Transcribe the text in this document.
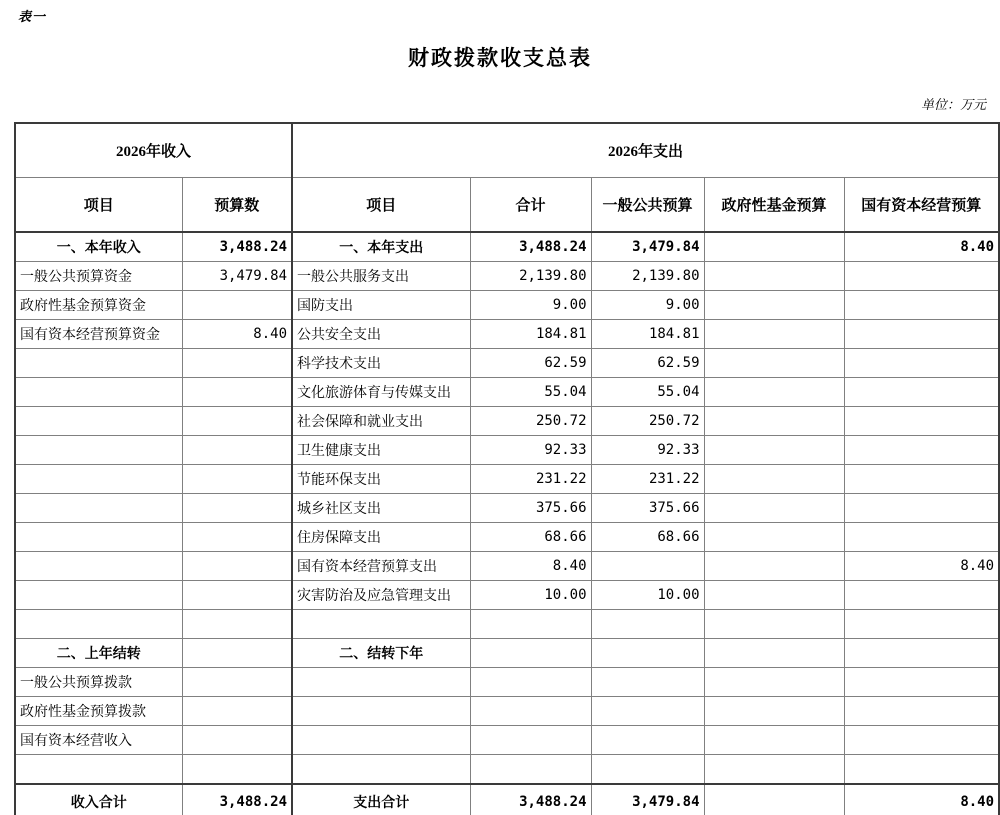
表一
财政拨款收支总表
单位：万元
2026年收入		2026年支出				
项目	预算数	项目	合计	一般公共预算	政府性基金预算	国有资本经营预算
一、本年收入	3,488.24	一、本年支出	3,488.24	3,479.84		8.40
一般公共预算资金	3,479.84	一般公共服务支出	2,139.80	2,139.80		
政府性基金预算资金		国防支出	9.00	9.00		
国有资本经营预算资金	8.40	公共安全支出	184.81	184.81		
		科学技术支出	62.59	62.59		
		文化旅游体育与传媒支出	55.04	55.04		
		社会保障和就业支出	250.72	250.72		
		卫生健康支出	92.33	92.33		
		节能环保支出	231.22	231.22		
		城乡社区支出	375.66	375.66		
		住房保障支出	68.66	68.66		
		国有资本经营预算支出	8.40			8.40
		灾害防治及应急管理支出	10.00	10.00		

二、上年结转		二、结转下年				
一般公共预算拨款						
政府性基金预算拨款						
国有资本经营收入						

收入合计	3,488.24	支出合计	3,488.24	3,479.84		8.40
